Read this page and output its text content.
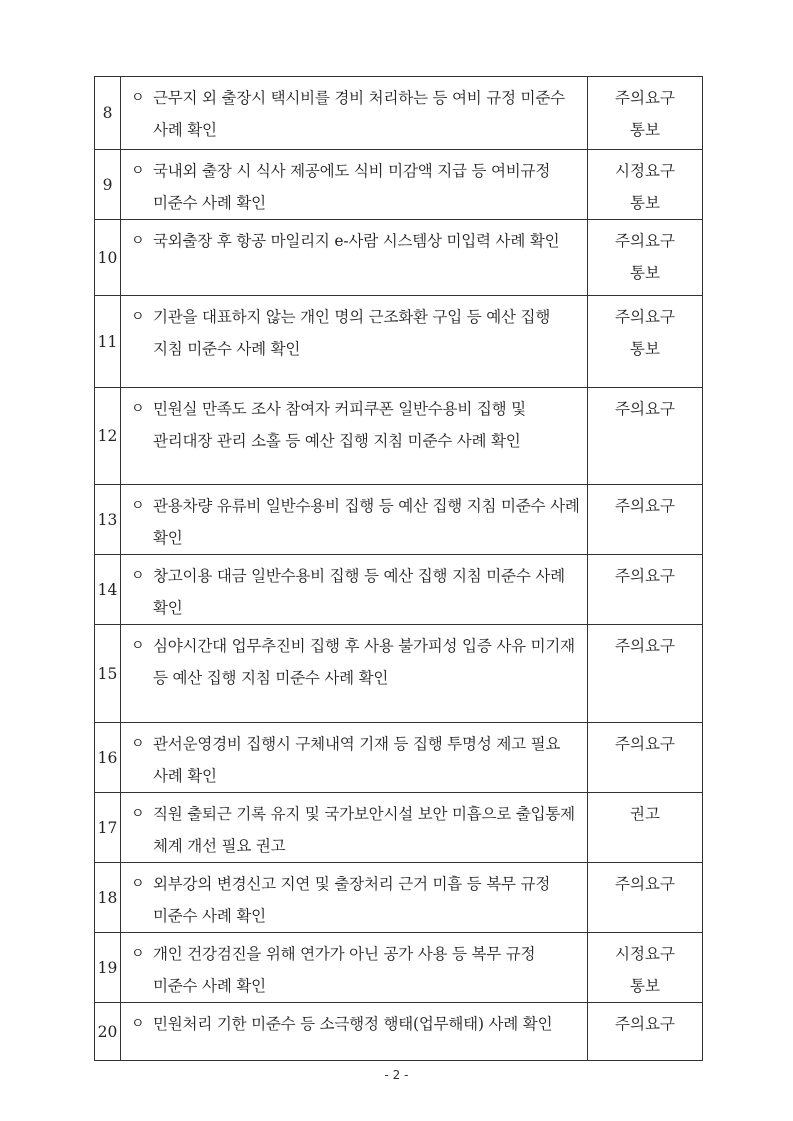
8	ㅇ 근무지 외 출장시 택시비를 경비 처리하는 등 여비 규정 미준수 사례 확인	주의요구
통보

9	ㅇ 국내외 출장 시 식사 제공에도 식비 미감액 지급 등 여비규정 미준수 사례 확인	시정요구
통보

10	ㅇ 국외출장 후 항공 마일리지 e-사람 시스템상 미입력 사례 확인	주의요구
통보

11	ㅇ 기관을 대표하지 않는 개인 명의 근조화환 구입 등 예산 집행 지침 미준수 사례 확인	주의요구
통보

12	ㅇ 민원실 만족도 조사 참여자 커피쿠폰 일반수용비 집행 및 관리대장 관리 소홀 등 예산 집행 지침 미준수 사례 확인	주의요구

13	ㅇ 관용차량 유류비 일반수용비 집행 등 예산 집행 지침 미준수 사례 확인	주의요구

14	ㅇ 창고이용 대금 일반수용비 집행 등 예산 집행 지침 미준수 사례 확인	주의요구

15	ㅇ 심야시간대 업무추진비 집행 후 사용 불가피성 입증 사유 미기재 등 예산 집행 지침 미준수 사례 확인	주의요구

16	ㅇ 관서운영경비 집행시 구체내역 기재 등 집행 투명성 제고 필요 사례 확인	주의요구

17	ㅇ 직원 출퇴근 기록 유지 및 국가보안시설 보안 미흡으로 출입통제 체계 개선 필요 권고	권고

18	ㅇ 외부강의 변경신고 지연 및 출장처리 근거 미흡 등 복무 규정 미준수 사례 확인	주의요구

19	ㅇ 개인 건강검진을 위해 연가가 아닌 공가 사용 등 복무 규정 미준수 사례 확인	시정요구
통보

20	ㅇ 민원처리 기한 미준수 등 소극행정 행태(업무해태) 사례 확인	주의요구
- 2 -
